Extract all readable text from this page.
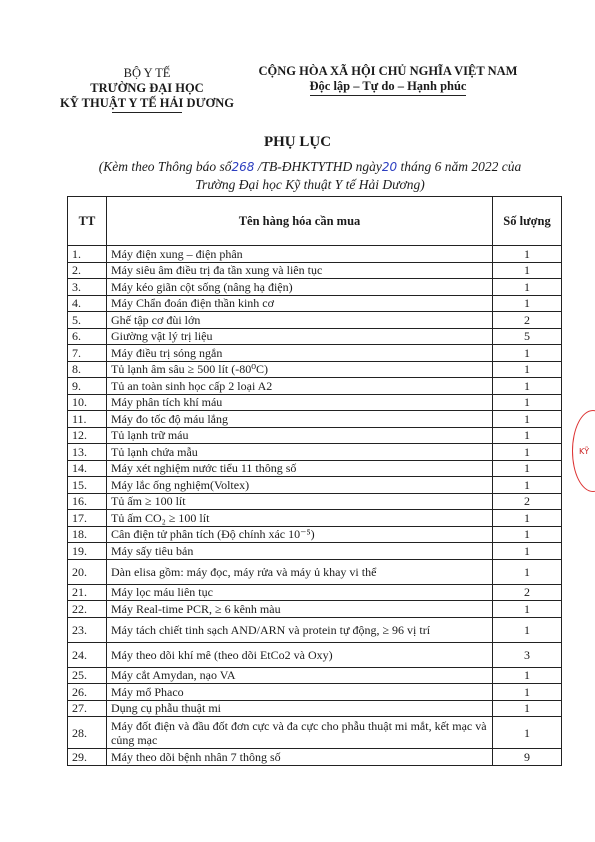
BỘ Y TẾ
TRƯỜNG ĐẠI HỌC
KỸ THUẬT Y TẾ HẢI DƯƠNG
CỘNG HÒA XÃ HỘI CHỦ NGHĨA VIỆT NAM
Độc lập – Tự do – Hạnh phúc
PHỤ LỤC
(Kèm theo Thông báo số268 /TB-ĐHKTYTHD ngày20 tháng 6 năm 2022 của
Trường Đại học Kỹ thuật Y tế Hải Dương)
TT	Tên hàng hóa cần mua	Số lượng
1.	Máy điện xung – điện phân	1
2.	Máy siêu âm điều trị đa tần xung và liên tục	1
3.	Máy kéo giãn cột sống (nâng hạ điện)	1
4.	Máy Chẩn đoán điện thần kinh cơ	1
5.	Ghế tập cơ đùi lớn	2
6.	Giường vật lý trị liệu	5
7.	Máy điều trị sóng ngắn	1
8.	Tủ lạnh âm sâu ≥ 500 lít (-80⁰C)	1
9.	Tủ an toàn sinh học cấp 2 loại A2	1
10.	Máy phân tích khí máu	1
11.	Máy đo tốc độ máu lắng	1
12.	Tủ lạnh trữ máu	1
13.	Tủ lạnh chứa mẫu	1
14.	Máy xét nghiệm nước tiểu 11 thông số	1
15.	Máy lắc ống nghiệm(Voltex)	1
16.	Tủ ấm ≥ 100 lít	2
17.	Tủ ấm CO₂ ≥ 100 lít	1
18.	Cân điện tử phân tích (Độ chính xác 10⁻⁵)	1
19.	Máy sấy tiêu bản	1
20.	Dàn elisa gồm: máy đọc, máy rửa và máy ủ khay vi thể	1
21.	Máy lọc máu liên tục	2
22.	Máy Real-time PCR, ≥ 6 kênh màu	1
23.	Máy tách chiết tinh sạch AND/ARN và protein tự động, ≥ 96 vị trí	1
24.	Máy theo dõi khí mê (theo dõi EtCo2 và Oxy)	3
25.	Máy cắt Amydan, nạo VA	1
26.	Máy mổ Phaco	1
27.	Dụng cụ phẫu thuật mi	1
28.	Máy đốt điện và đầu đốt đơn cực và đa cực cho phẫu thuật mi mắt, kết mạc và củng mạc	1
29.	Máy theo dõi bệnh nhân 7 thông số	9
KỸ
